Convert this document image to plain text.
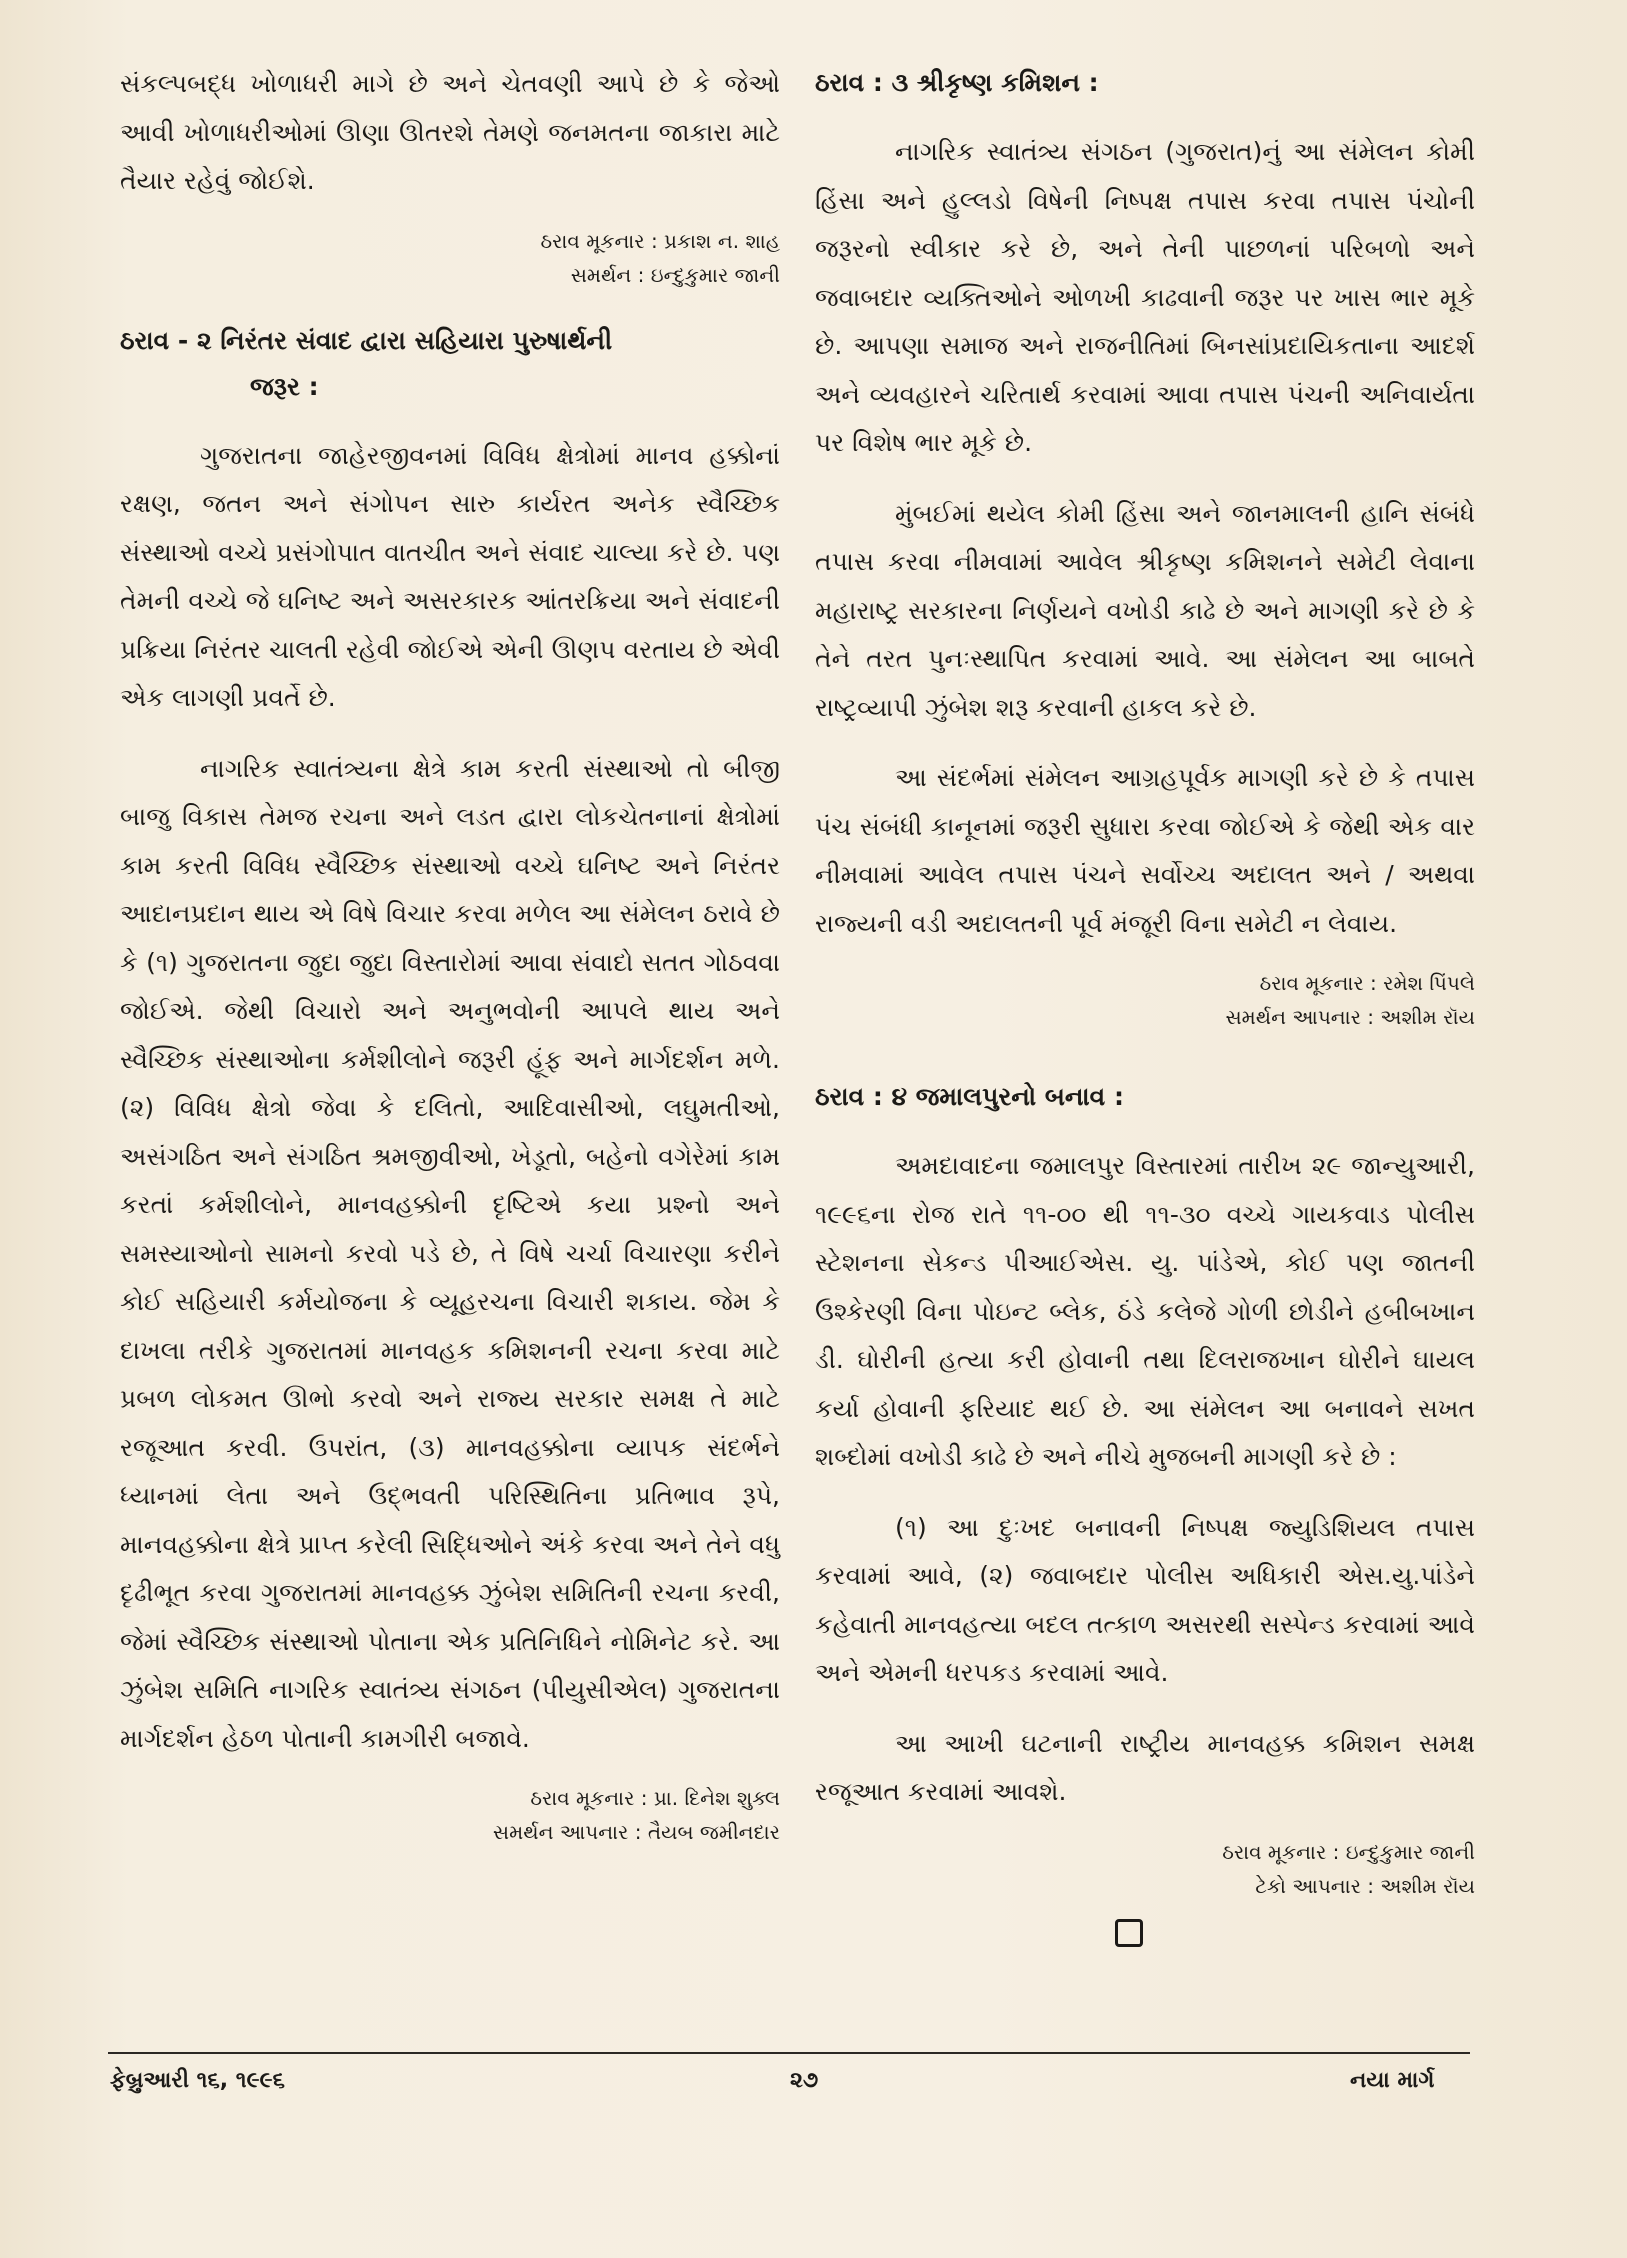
સંકલ્પબદ્ધ ખોળાધરી માગે છે અને ચેતવણી આપે છે કે જેઓ આવી ખોળાધરીઓમાં ઊણા ઊતરશે તેમણે જનમતના જાકારા માટે તૈયાર રહેવું જોઈશે.

ઠરાવ મૂકનાર : પ્રકાશ ન. શાહ

સમર્થન : ઇન્દુકુમાર જાની

ઠરાવ - ૨ નિરંતર સંવાદ દ્વારા સહિયારા પુરુષાર્થની
જરૂર :

ગુજરાતના જાહેરજીવનમાં વિવિધ ક્ષેત્રોમાં માનવ હક્કોનાં રક્ષણ, જતન અને સંગોપન સારુ કાર્યરત અનેક સ્વૈચ્છિક સંસ્થાઓ વચ્ચે પ્રસંગોપાત વાતચીત અને સંવાદ ચાલ્યા કરે છે. પણ તેમની વચ્ચે જે ઘનિષ્ટ અને અસરકારક આંતરક્રિયા અને સંવાદની પ્રક્રિયા નિરંતર ચાલતી રહેવી જોઈએ એની ઊણપ વરતાય છે એવી એક લાગણી પ્રવર્તે છે.

નાગરિક સ્વાતંત્ર્યના ક્ષેત્રે કામ કરતી સંસ્થાઓ તો બીજી બાજુ વિકાસ તેમજ રચના અને લડત દ્વારા લોકચેતનાનાં ક્ષેત્રોમાં કામ કરતી વિવિધ સ્વૈચ્છિક સંસ્થાઓ વચ્ચે ઘનિષ્ટ અને નિરંતર આદાનપ્રદાન થાય એ વિષે વિચાર કરવા મળેલ આ સંમેલન ઠરાવે છે કે (૧) ગુજરાતના જુદા જુદા વિસ્તારોમાં આવા સંવાદો સતત ગોઠવવા જોઈએ. જેથી વિચારો અને અનુભવોની આપલે થાય અને સ્વૈચ્છિક સંસ્થાઓના કર્મશીલોને જરૂરી હૂંફ અને માર્ગદર્શન મળે. (૨) વિવિધ ક્ષેત્રો જેવા કે દલિતો, આદિવાસીઓ, લઘુમતીઓ, અસંગઠિત અને સંગઠિત શ્રમજીવીઓ, ખેડૂતો, બહેનો વગેરેમાં કામ કરતાં કર્મશીલોને, માનવહક્કોની દૃષ્ટિએ કયા પ્રશ્નો અને સમસ્યાઓનો સામનો કરવો પડે છે, તે વિષે ચર્ચા વિચારણા કરીને કોઈ સહિયારી કર્મયોજના કે વ્યૂહરચના વિચારી શકાય. જેમ કે દાખલા તરીકે ગુજરાતમાં માનવહક કમિશનની રચના કરવા માટે પ્રબળ લોકમત ઊભો કરવો અને રાજ્ય સરકાર સમક્ષ તે માટે રજૂઆત કરવી. ઉપરાંત, (૩) માનવહક્કોના વ્યાપક સંદર્ભને ધ્યાનમાં લેતા અને ઉદ્‌ભવતી પરિસ્થિતિના પ્રતિભાવ રૂપે, માનવહક્કોના ક્ષેત્રે પ્રાપ્ત કરેલી સિદ્ધિઓને અંકે કરવા અને તેને વધુ દૃઢીભૂત કરવા ગુજરાતમાં માનવહક્ક ઝુંબેશ સમિતિની રચના કરવી, જેમાં સ્વૈચ્છિક સંસ્થાઓ પોતાના એક પ્રતિનિધિને નોમિનેટ કરે. આ ઝુંબેશ સમિતિ નાગરિક સ્વાતંત્ર્ય સંગઠન (પીયુસીએલ) ગુજરાતના માર્ગદર્શન હેઠળ પોતાની કામગીરી બજાવે.

ઠરાવ મૂકનાર : પ્રા. દિનેશ શુક્લ

સમર્થન આપનાર : તૈયબ જમીનદાર

ઠરાવ : ૩ શ્રીકૃષ્ણ કમિશન :

નાગરિક સ્વાતંત્ર્ય સંગઠન (ગુજરાત)નું આ સંમેલન કોમી હિંસા અને હુલ્લડો વિષેની નિષ્પક્ષ તપાસ કરવા તપાસ પંચોની જરૂરનો સ્વીકાર કરે છે, અને તેની પાછળનાં પરિબળો અને જવાબદાર વ્યક્તિઓને ઓળખી કાઢવાની જરૂર પર ખાસ ભાર મૂકે છે. આપણા સમાજ અને રાજનીતિમાં બિનસાંપ્રદાયિકતાના આદર્શ અને વ્યવહારને ચરિતાર્થ કરવામાં આવા તપાસ પંચની અનિવાર્યતા પર વિશેષ ભાર મૂકે છે.

મુંબઈમાં થયેલ કોમી હિંસા અને જાનમાલની હાનિ સંબંધે તપાસ કરવા નીમવામાં આવેલ શ્રીકૃષ્ણ કમિશનને સમેટી લેવાના મહારાષ્ટ્ર સરકારના નિર્ણયને વખોડી કાઢે છે અને માગણી કરે છે કે તેને તરત પુનઃસ્થાપિત કરવામાં આવે. આ સંમેલન આ બાબતે રાષ્ટ્રવ્યાપી ઝુંબેશ શરૂ કરવાની હાકલ કરે છે.

આ સંદર્ભમાં સંમેલન આગ્રહપૂર્વક માગણી કરે છે કે તપાસ પંચ સંબંધી કાનૂનમાં જરૂરી સુધારા કરવા જોઈએ કે જેથી એક વાર નીમવામાં આવેલ તપાસ પંચને સર્વોચ્ચ અદાલત અને / અથવા રાજ્યની વડી અદાલતની પૂર્વ મંજૂરી વિના સમેટી ન લેવાય.

ઠરાવ મૂકનાર : રમેશ પિંપલે

સમર્થન આપનાર : અશીમ રૉય

ઠરાવ : ૪ જમાલપુરનો બનાવ :

અમદાવાદના જમાલપુર વિસ્તારમાં તારીખ ૨૯ જાન્યુઆરી, ૧૯૯૬ના રોજ રાતે ૧૧-૦૦ થી ૧૧-૩૦ વચ્ચે ગાયકવાડ પોલીસ સ્ટેશનના સેકન્ડ પીઆઈએસ. યુ. પાંડેએ, કોઈ પણ જાતની ઉશ્કેરણી વિના પોઇન્ટ બ્લેક, ઠંડે કલેજે ગોળી છોડીને હબીબખાન ડી. ઘોરીની હત્યા કરી હોવાની તથા દિલરાજખાન ઘોરીને ઘાયલ કર્યા હોવાની ફરિયાદ થઈ છે. આ સંમેલન આ બનાવને સખત શબ્દોમાં વખોડી કાઢે છે અને નીચે મુજબની માગણી કરે છે :

(૧) આ દુઃખદ બનાવની નિષ્પક્ષ જ્યુડિશિયલ તપાસ કરવામાં આવે, (૨) જવાબદાર પોલીસ અધિકારી એસ.યુ.પાંડેને કહેવાતી માનવહત્યા બદલ તત્કાળ અસરથી સસ્પેન્ડ કરવામાં આવે અને એમની ધરપકડ કરવામાં આવે.

આ આખી ઘટનાની રાષ્ટ્રીય માનવહક્ક કમિશન સમક્ષ રજૂઆત કરવામાં આવશે.

ઠરાવ મૂકનાર : ઇન્દુકુમાર જાની

ટેકો આપનાર : અશીમ રૉય

ફેબ્રુઆરી ૧૬, ૧૯૯૬	૨૭	નયા માર્ગ
